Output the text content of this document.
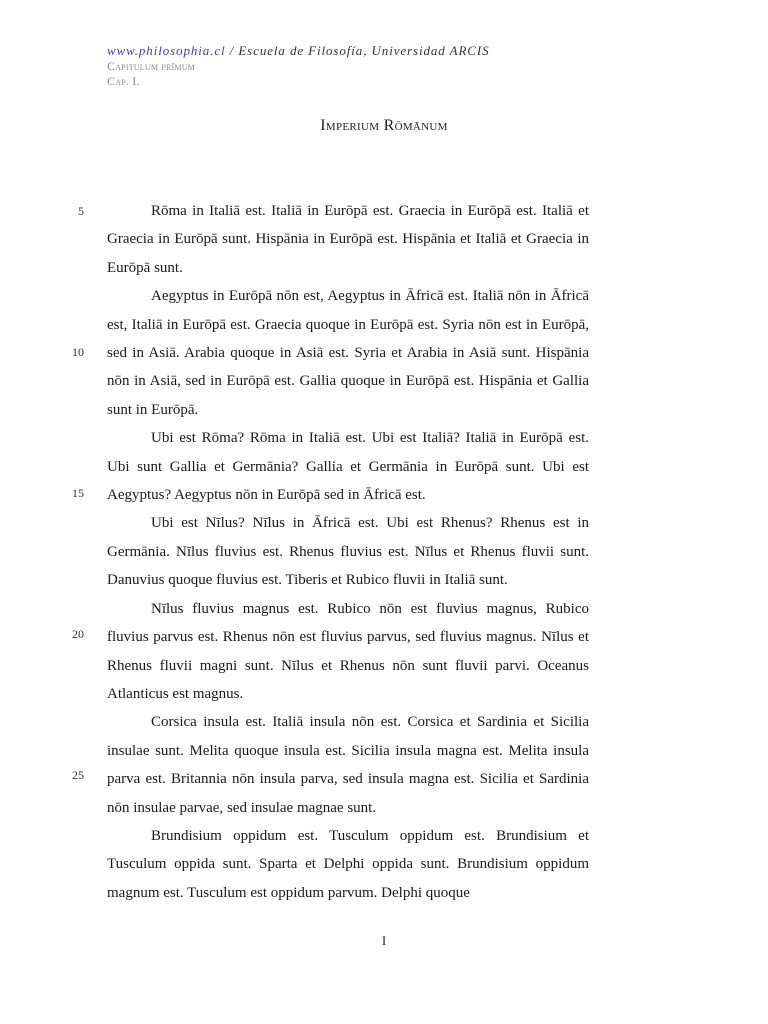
www.philosophia.cl / Escuela de Filosofía, Universidad ARCIS
Capitulum prīmum
Cap. I.
Imperium Rōmānum
5
10
15
20
25

Rōma in Italiā est. Italiā in Eurōpā est. Graecia in Eurōpā est. Italiā et Graecia in Eurōpā sunt. Hispānia in Eurōpā est. Hispānia et Italiā et Graecia in Eurōpā sunt.

Aegyptus in Eurōpā nōn est, Aegyptus in Āfricā est. Italiā nōn in Āfricā est, Italiā in Eurōpā est. Graecia quoque in Eurōpā est. Syria nōn est in Eurōpā, sed in Asiā. Arabia quoque in Asiā est. Syria et Arabia in Asiā sunt. Hispānia nōn in Asiā, sed in Eurōpā est. Gallia quoque in Eurōpā est. Hispānia et Gallia sunt in Eurōpā.

Ubi est Rōma? Rōma in Italiā est. Ubi est Italiā? Italiā in Eurōpā est. Ubi sunt Gallia et Germānia? Gallia et Germānia in Eurōpā sunt. Ubi est Aegyptus? Aegyptus nōn in Eurōpā sed in Āfricā est.

Ubi est Nīlus? Nīlus in Āfricā est. Ubi est Rhenus? Rhenus est in Germānia. Nīlus fluvius est. Rhenus fluvius est. Nīlus et Rhenus fluvii sunt. Danuvius quoque fluvius est. Tiberis et Rubico fluvii in Italiā sunt.

Nīlus fluvius magnus est. Rubico nōn est fluvius magnus, Rubico fluvius parvus est. Rhenus nōn est fluvius parvus, sed fluvius magnus. Nīlus et Rhenus fluvii magni sunt. Nīlus et Rhenus nōn sunt fluvii parvi. Oceanus Atlanticus est magnus.

Corsica insula est. Italiā insula nōn est. Corsica et Sardinia et Sicilia insulae sunt. Melita quoque insula est. Sicilia insula magna est. Melita insula parva est. Britannia nōn insula parva, sed insula magna est. Sicilia et Sardinia nōn insulae parvae, sed insulae magnae sunt.

Brundisium oppidum est. Tusculum oppidum est. Brundisium et Tusculum oppida sunt. Sparta et Delphi oppida sunt. Brundisium oppidum magnum est. Tusculum est oppidum parvum. Delphi quoque

I
